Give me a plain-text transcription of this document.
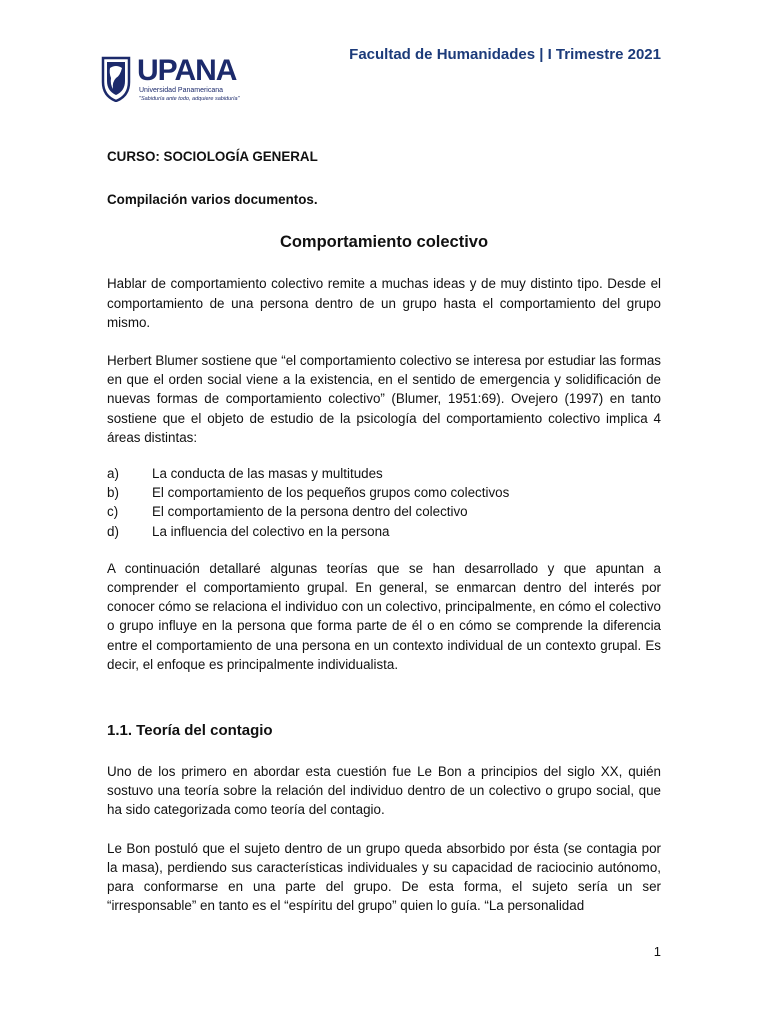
UPANA
Universidad Panamericana
"Sabiduría ante todo, adquiere sabiduría"
Facultad de Humanidades | I Trimestre 2021

CURSO: SOCIOLOGÍA GENERAL

Compilación varios documentos.

Comportamiento colectivo

Hablar de comportamiento colectivo remite a muchas ideas y de muy distinto tipo. Desde el comportamiento de una persona dentro de un grupo hasta el comportamiento del grupo mismo.

Herbert Blumer sostiene que “el comportamiento colectivo se interesa por estudiar las formas en que el orden social viene a la existencia, en el sentido de emergencia y solidificación de nuevas formas de comportamiento colectivo” (Blumer, 1951:69). Ovejero (1997) en tanto sostiene que el objeto de estudio de la psicología del comportamiento colectivo implica 4 áreas distintas:

a)	La conducta de las masas y multitudes
b)	El comportamiento de los pequeños grupos como colectivos
c)	El comportamiento de la persona dentro del colectivo
d)	La influencia del colectivo en la persona

A continuación detallaré algunas teorías que se han desarrollado y que apuntan a comprender el comportamiento grupal. En general, se enmarcan dentro del interés por conocer cómo se relaciona el individuo con un colectivo, principalmente, en cómo el colectivo o grupo influye en la persona que forma parte de él o en cómo se comprende la diferencia entre el comportamiento de una persona en un contexto individual de un contexto grupal. Es decir, el enfoque es principalmente individualista.

1.1. Teoría del contagio

Uno de los primero en abordar esta cuestión fue Le Bon a principios del siglo XX, quién sostuvo una teoría sobre la relación del individuo dentro de un colectivo o grupo social, que ha sido categorizada como teoría del contagio.

Le Bon postuló que el sujeto dentro de un grupo queda absorbido por ésta (se contagia por la masa), perdiendo sus características individuales y su capacidad de raciocinio autónomo, para conformarse en una parte del grupo. De esta forma, el sujeto sería un ser “irresponsable” en tanto es el “espíritu del grupo” quien lo guía. “La personalidad

1
